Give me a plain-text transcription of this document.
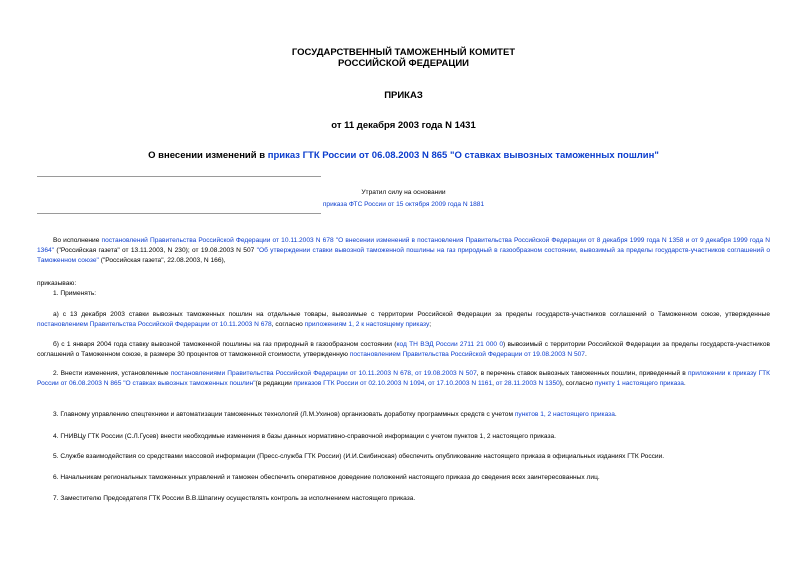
ГОСУДАРСТВЕННЫЙ ТАМОЖЕННЫЙ КОМИТЕТ
РОССИЙСКОЙ ФЕДЕРАЦИИ
ПРИКАЗ
от 11 декабря 2003 года N 1431
О внесении изменений в приказ ГТК России от 06.08.2003 N 865 "О ставках вывозных таможенных пошлин"
Утратил силу на основании
приказа ФТС России от 15 октября 2009 года N 1881
Во исполнение постановлений Правительства Российской Федерации от 10.11.2003 N 678 "О внесении изменений в постановления Правительства Российской Федерации от 8 декабря 1999 года N 1358 и от 9 декабря 1999 года N 1364" ("Российская газета" от 13.11.2003, N 230); от 19.08.2003 N 507 "Об утверждении ставки вывозной таможенной пошлины на газ природный в газообразном состоянии, вывозимый за пределы государств-участников соглашений о Таможенном союзе" ("Российская газета", 22.08.2003, N 166),
приказываю:
1. Применять:
а) с 13 декабря 2003 ставки вывозных таможенных пошлин на отдельные товары, вывозимые с территории Российской Федерации за пределы государств-участников соглашений о Таможенном союзе, утвержденные постановлением Правительства Российской Федерации от 10.11.2003 N 678, согласно приложениям 1, 2 к настоящему приказу;
б) с 1 января 2004 года ставку вывозной таможенной пошлины на газ природный в газообразном состоянии (код ТН ВЭД России 2711 21 000 0) вывозимый с территории Российской Федерации за пределы государств-участников соглашений о Таможенном союзе, в размере 30 процентов от таможенной стоимости, утвержденную постановлением Правительства Российской Федерации от 19.08.2003 N 507.
2. Внести изменения, установленные постановлениями Правительства Российской Федерации от 10.11.2003 N 678, от 19.08.2003 N 507, в перечень ставок вывозных таможенных пошлин, приведенный в приложении к приказу ГТК России от 06.08.2003 N 865 "О ставках вывозных таможенных пошлин"(в редакции приказов ГТК России от 02.10.2003 N 1094, от 17.10.2003 N 1161, от 28.11.2003 N 1350), согласно пункту 1 настоящего приказа.
3. Главному управлению спецтехники и автоматизации таможенных технологий (Л.М.Ухинов) организовать доработку программных средств с учетом пунктов 1, 2 настоящего приказа.
4. ГНИВЦу ГТК России (С.Л.Гусев) внести необходимые изменения в базы данных нормативно-справочной информации с учетом пунктов 1, 2 настоящего приказа.
5. Службе взаимодействия со средствами массовой информации (Пресс-служба ГТК России) (И.И.Скибинская) обеспечить опубликование настоящего приказа в официальных изданиях ГТК России.
6. Начальникам региональных таможенных управлений и таможен обеспечить оперативное доведение положений настоящего приказа до сведения всех заинтересованных лиц.
7. Заместителю Председателя ГТК России В.В.Шпагину осуществлять контроль за исполнением настоящего приказа.
